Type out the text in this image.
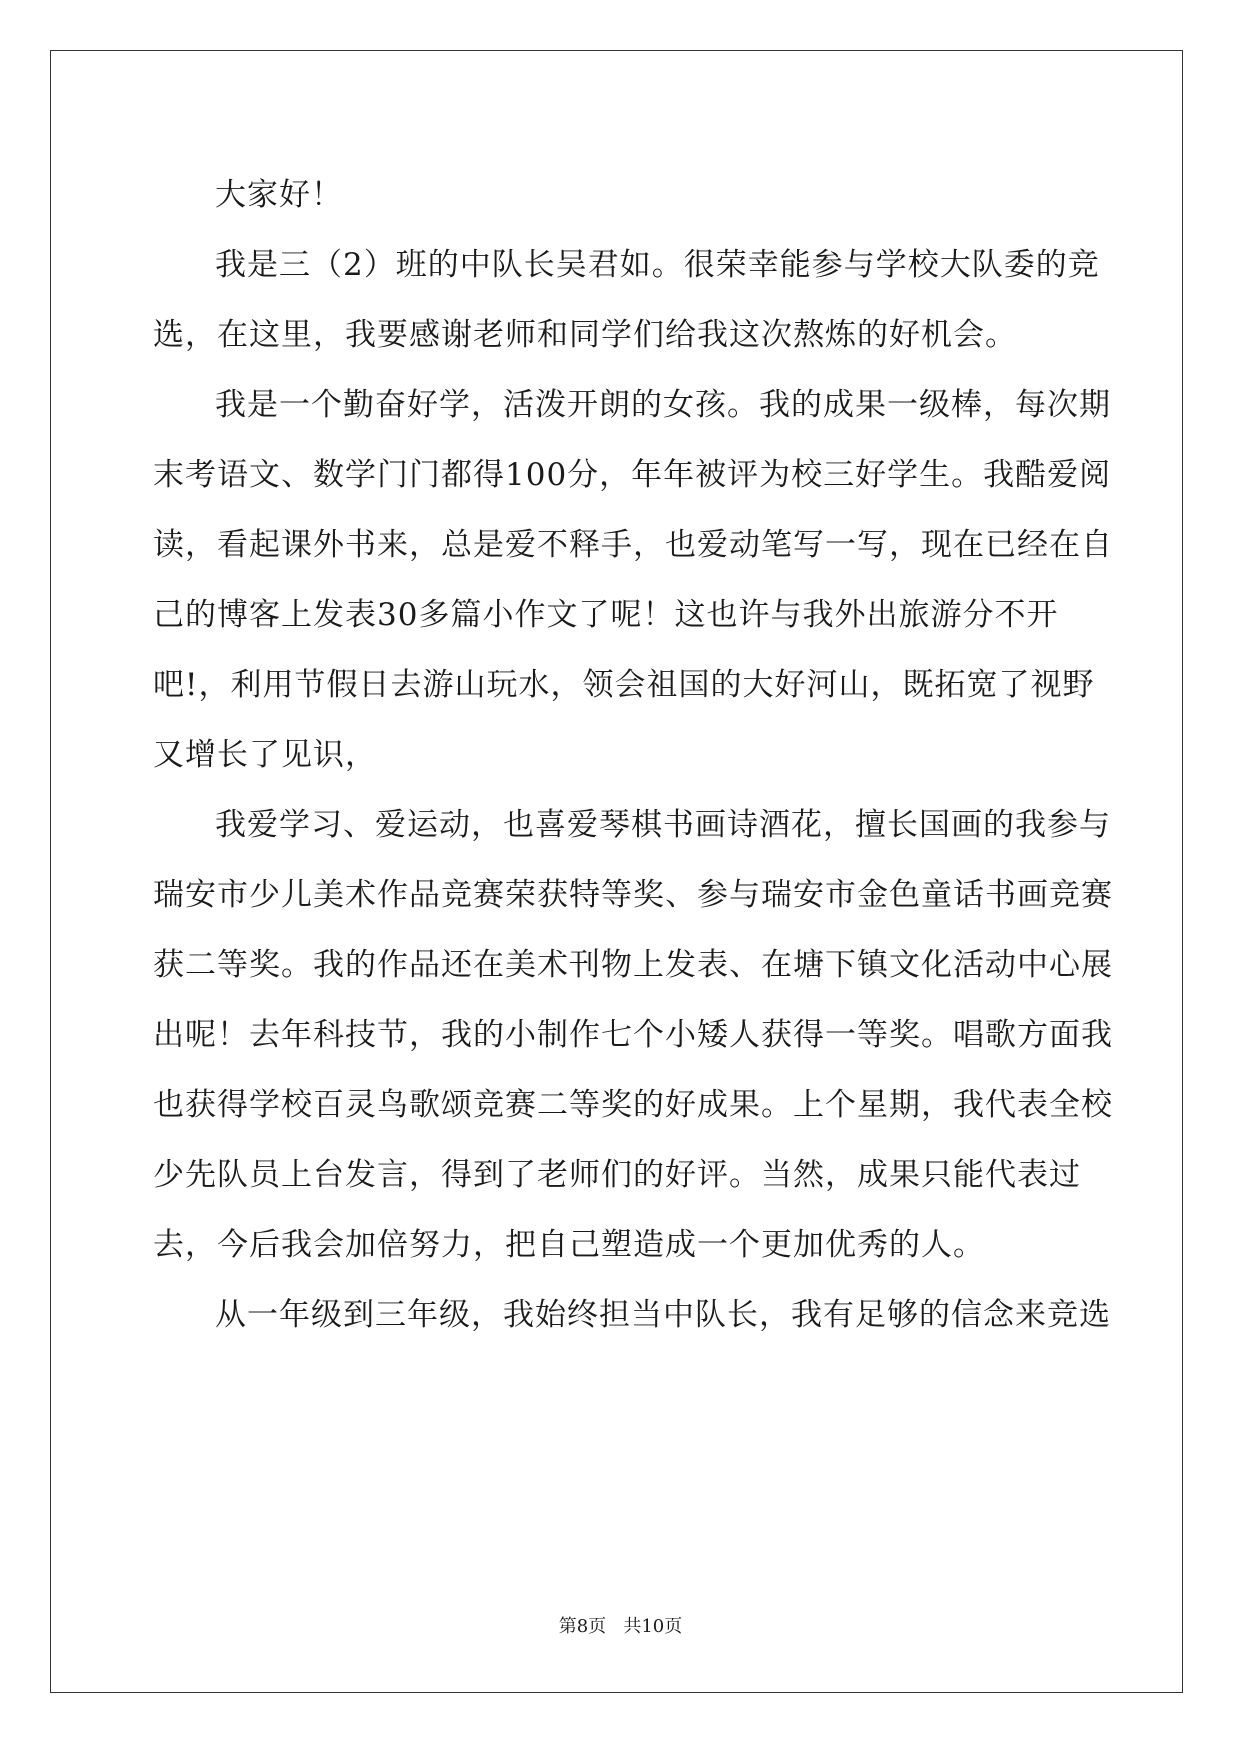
大家好！

我是三（2）班的中队长吴君如。很荣幸能参与学校大队委的竞选，在这里，我要感谢老师和同学们给我这次熬炼的好机会。

我是一个勤奋好学，活泼开朗的女孩。我的成果一级棒，每次期末考语文、数学门门都得100分，年年被评为校三好学生。我酷爱阅读，看起课外书来，总是爱不释手，也爱动笔写一写，现在已经在自己的博客上发表30多篇小作文了呢！这也许与我外出旅游分不开吧!，利用节假日去游山玩水，领会祖国的大好河山，既拓宽了视野又增长了见识，

我爱学习、爱运动，也喜爱琴棋书画诗酒花，擅长国画的我参与瑞安市少儿美术作品竞赛荣获特等奖、参与瑞安市金色童话书画竞赛获二等奖。我的作品还在美术刊物上发表、在塘下镇文化活动中心展出呢！去年科技节，我的小制作七个小矮人获得一等奖。唱歌方面我也获得学校百灵鸟歌颂竞赛二等奖的好成果。上个星期，我代表全校少先队员上台发言，得到了老师们的好评。当然，成果只能代表过去，今后我会加倍努力，把自己塑造成一个更加优秀的人。

从一年级到三年级，我始终担当中队长，我有足够的信念来竞选

第8页   共10页
